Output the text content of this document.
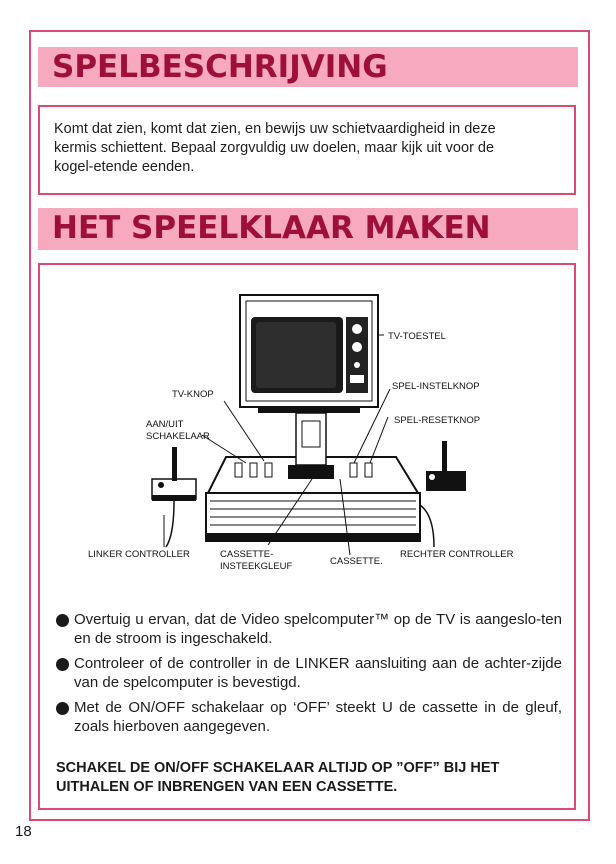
SPELBESCHRIJVING

Komt dat zien, komt dat zien, en bewijs uw schietvaardigheid in deze

kermis schiettent. Bepaal zorgvuldig uw doelen, maar kijk uit voor de

kogel-etende eenden.

HET SPEELKLAAR MAKEN
TV-TOESTEL
TV-KNOP
AAN/UIT
SCHAKELAAR
SPEL-INSTELKNOP
SPEL-RESETKNOP
LINKER CONTROLLER	CASSETTE-
INSTEEKGLEUF	CASSETTE.
RECHTER CONTROLLER
Overtuig u ervan, dat de Video spelcomputer™ op de TV is aangeslo-ten en de stroom is ingeschakeld.
Controleer of de controller in de LINKER aansluiting aan de achter-zijde van de spelcomputer is bevestigd.
Met de ON/OFF schakelaar op ‘OFF’ steekt U de cassette in de gleuf, zoals hierboven aangegeven.
SCHAKEL DE ON/OFF SCHAKELAAR ALTIJD OP ”OFF” BIJ HET UITHALEN OF INBRENGEN VAN EEN CASSETTE.
18
